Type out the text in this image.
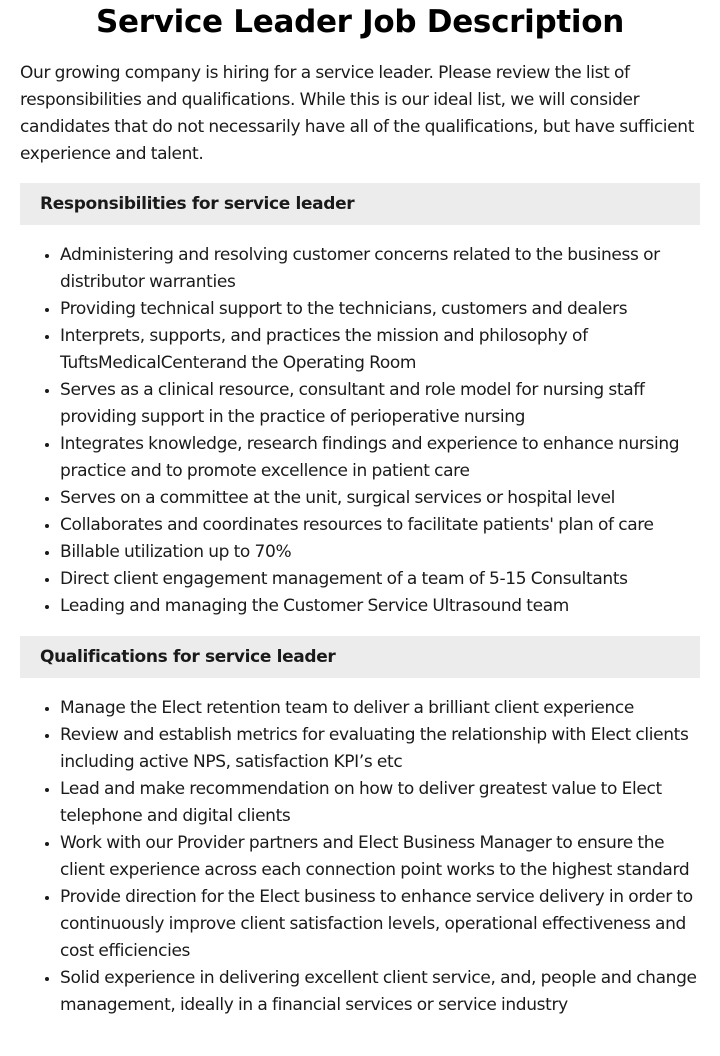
Service Leader Job Description

Our growing company is hiring for a service leader. Please review the list of responsibilities and qualifications. While this is our ideal list, we will consider candidates that do not necessarily have all of the qualifications, but have sufficient experience and talent.

Responsibilities for service leader
• Administering and resolving customer concerns related to the business or distributor warranties
• Providing technical support to the technicians, customers and dealers
• Interprets, supports, and practices the mission and philosophy of TuftsMedicalCenterand the Operating Room
• Serves as a clinical resource, consultant and role model for nursing staff providing support in the practice of perioperative nursing
• Integrates knowledge, research findings and experience to enhance nursing practice and to promote excellence in patient care
• Serves on a committee at the unit, surgical services or hospital level
• Collaborates and coordinates resources to facilitate patients' plan of care
• Billable utilization up to 70%
• Direct client engagement management of a team of 5-15 Consultants
• Leading and managing the Customer Service Ultrasound team
Qualifications for service leader
• Manage the Elect retention team to deliver a brilliant client experience
• Review and establish metrics for evaluating the relationship with Elect clients including active NPS, satisfaction KPI’s etc
• Lead and make recommendation on how to deliver greatest value to Elect telephone and digital clients
• Work with our Provider partners and Elect Business Manager to ensure the client experience across each connection point works to the highest standard
• Provide direction for the Elect business to enhance service delivery in order to continuously improve client satisfaction levels, operational effectiveness and cost efficiencies
• Solid experience in delivering excellent client service, and, people and change management, ideally in a financial services or service industry
